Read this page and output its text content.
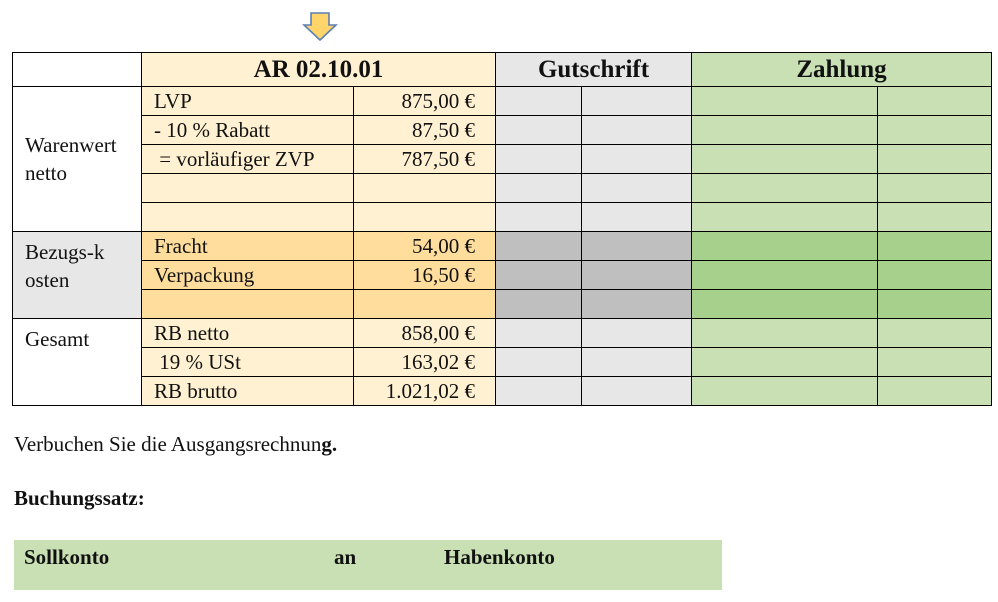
	AR 02.10.01		Gutschrift		Zahlung	
Warenwert netto	LVP	875,00 €				
	- 10 % Rabatt	87,50 €				
	= vorläufiger ZVP	787,50 €				

Bezugs-kosten	Fracht	54,00 €				
	Verpackung	16,50 €				

Gesamt	RB netto	858,00 €				
	19 % USt	163,02 €				
	RB brutto	1.021,02 €				
Verbuchen Sie die Ausgangsrechnung.
Buchungssatz:
Sollkonto	an	Habenkonto
